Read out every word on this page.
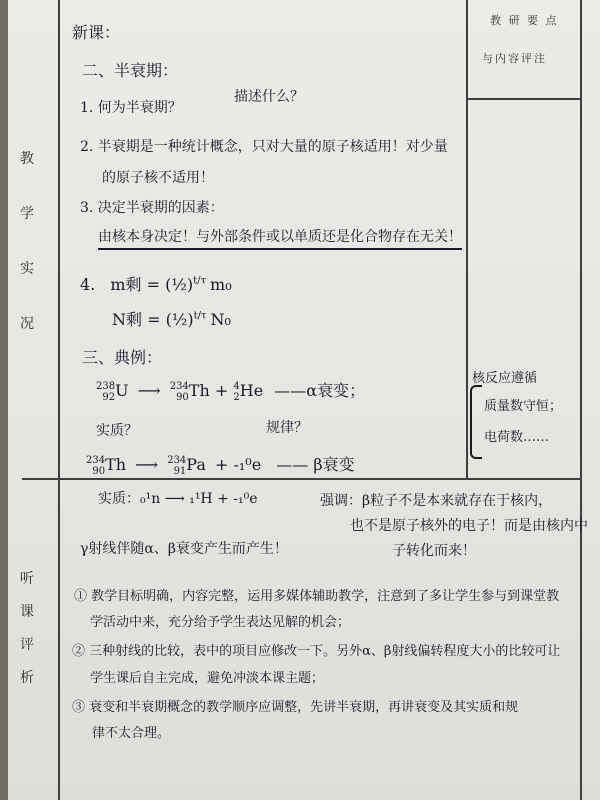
教 研 要 点
与内容评注
教
学
实
况
听
课
评
析
新课：
二、半衰期：
1. 何为半衰期？
描述什么？
2. 半衰期是一种统计概念，只对大量的原子核适用！对少量
的原子核不适用！
3. 决定半衰期的因素：
由核本身决定！与外部条件或以单质还是化合物存在无关！
4. m剩 = (½)$^{t/\tau}$ m₀
N剩 = (½)$^{t/\tau}$ N₀
三、典例：
238
92U ⟶ 234
90Th + 4
2He ——α衰变；
实质？	规律？
234
90Th ⟶ 234
91Pa + -₁⁰e —— β衰变
核反应遵循
质量数守恒；
电荷数……
实质：₀¹n ⟶ ₁¹H + -₁⁰e	强调：β粒子不是本来就存在于核内，
也不是原子核外的电子！而是由核内中
γ射线伴随α、β衰变产生而产生！	子转化而来！
① 教学目标明确，内容完整，运用多媒体辅助教学，注意到了多让学生参与到课堂教
学活动中来，充分给予学生表达见解的机会；
② 三种射线的比较，表中的项目应修改一下。另外α、β射线偏转程度大小的比较可让
学生课后自主完成，避免冲淡本课主题；
③ 衰变和半衰期概念的教学顺序应调整，先讲半衰期，再讲衰变及其实质和规
律不太合理。
